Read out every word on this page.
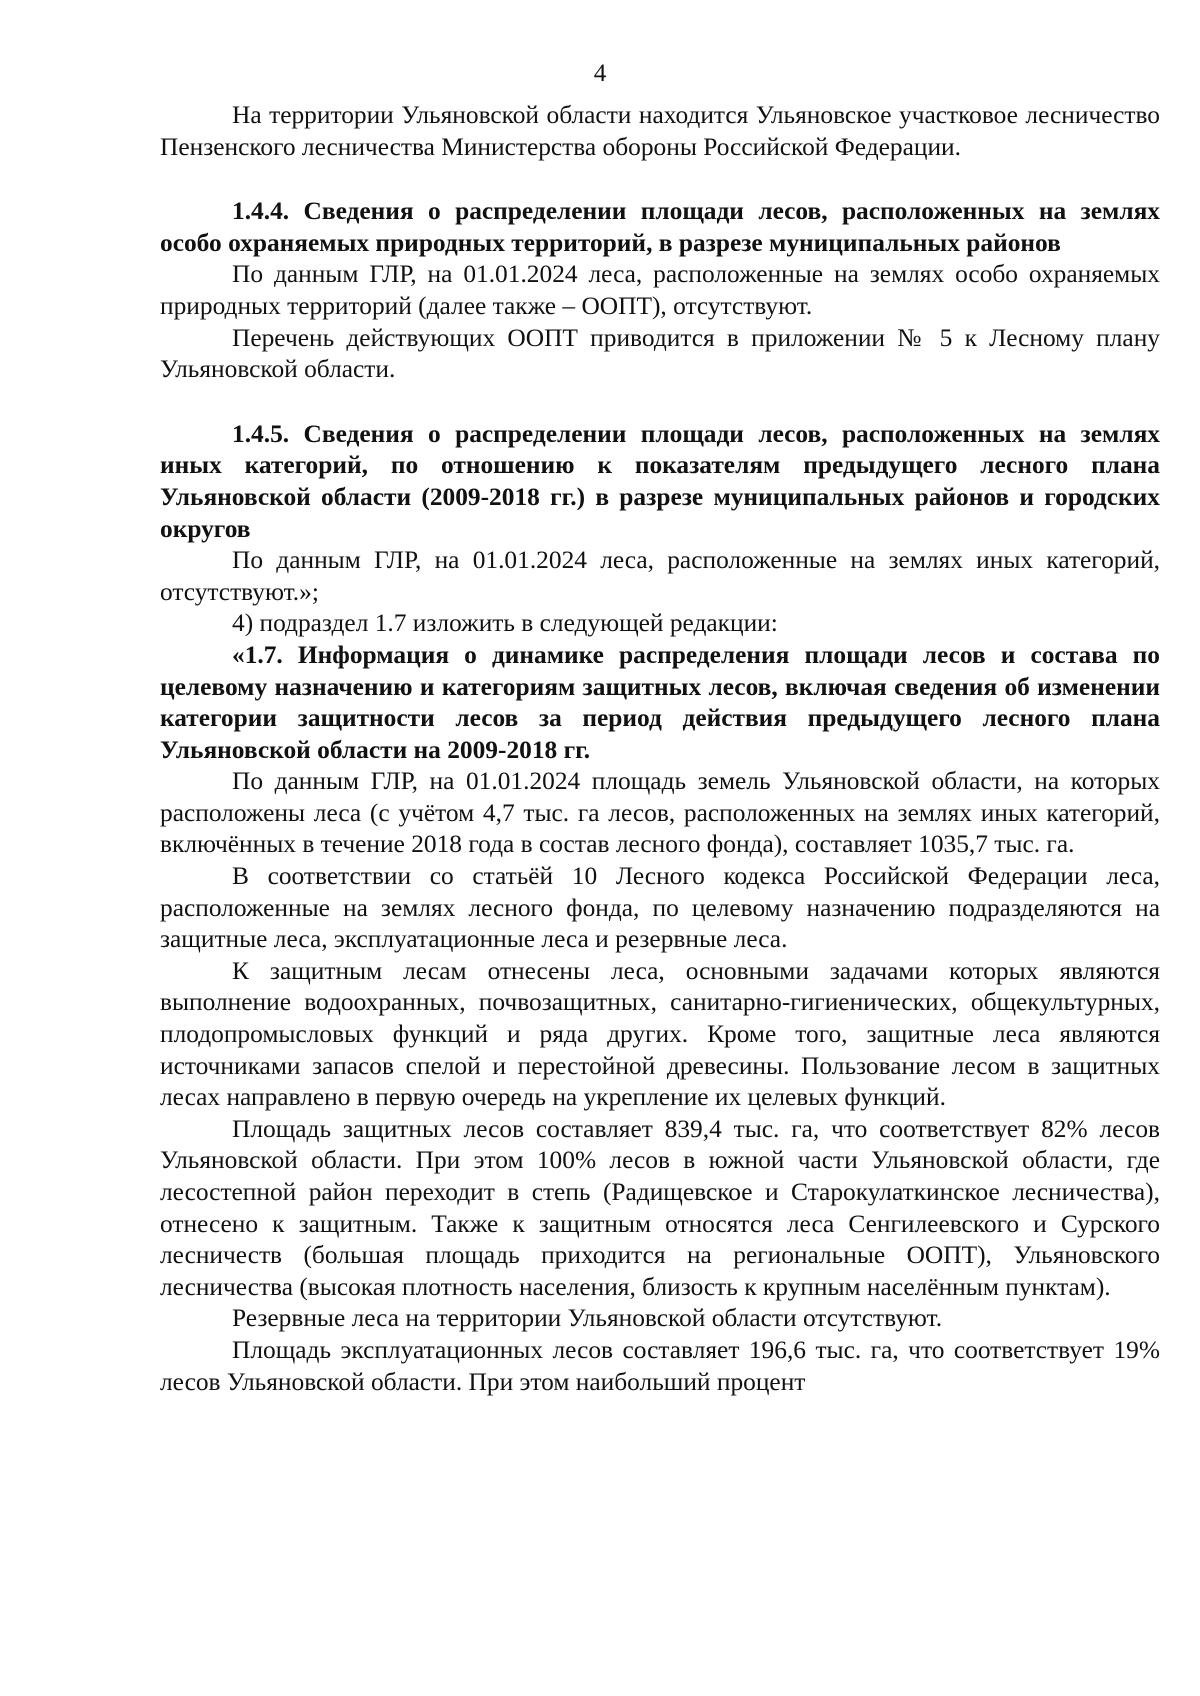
4

На территории Ульяновской области находится Ульяновское участковое лесничество Пензенского лесничества Министерства обороны Российской Федерации.

1.4.4. Сведения о распределении площади лесов, расположенных на землях особо охраняемых природных территорий, в разрезе муниципальных районов

По данным ГЛР, на 01.01.2024 леса, расположенные на землях особо охраняемых природных территорий (далее также – ООПТ), отсутствуют.

Перечень действующих ООПТ приводится в приложении № 5 к Лесному плану Ульяновской области.

1.4.5. Сведения о распределении площади лесов, расположенных на землях иных категорий, по отношению к показателям предыдущего лесного плана Ульяновской области (2009-2018 гг.) в разрезе муниципальных районов и городских округов

По данным ГЛР, на 01.01.2024 леса, расположенные на землях иных категорий, отсутствуют.»;

4) подраздел 1.7 изложить в следующей редакции:

«1.7. Информация о динамике распределения площади лесов и состава по целевому назначению и категориям защитных лесов, включая сведения об изменении категории защитности лесов за период действия предыдущего лесного плана Ульяновской области на 2009-2018 гг.

По данным ГЛР, на 01.01.2024 площадь земель Ульяновской области, на которых расположены леса (с учётом 4,7 тыс. га лесов, расположенных на землях иных категорий, включённых в течение 2018 года в состав лесного фонда), составляет 1035,7 тыс. га.

В соответствии со статьёй 10 Лесного кодекса Российской Федерации леса, расположенные на землях лесного фонда, по целевому назначению подразделяются на защитные леса, эксплуатационные леса и резервные леса.

К защитным лесам отнесены леса, основными задачами которых являются выполнение водоохранных, почвозащитных, санитарно-гигиенических, общекультурных, плодопромысловых функций и ряда других. Кроме того, защитные леса являются источниками запасов спелой и перестойной древесины. Пользование лесом в защитных лесах направлено в первую очередь на укрепление их целевых функций.

Площадь защитных лесов составляет 839,4 тыс. га, что соответствует 82% лесов Ульяновской области. При этом 100% лесов в южной части Ульяновской области, где лесостепной район переходит в степь (Радищевское и Старокулаткинское лесничества), отнесено к защитным. Также к защитным относятся леса Сенгилеевского и Сурского лесничеств (большая площадь приходится на региональные ООПТ), Ульяновского лесничества (высокая плотность населения, близость к крупным населённым пунктам).

Резервные леса на территории Ульяновской области отсутствуют.

Площадь эксплуатационных лесов составляет 196,6 тыс. га, что соответствует 19% лесов Ульяновской области. При этом наибольший процент
